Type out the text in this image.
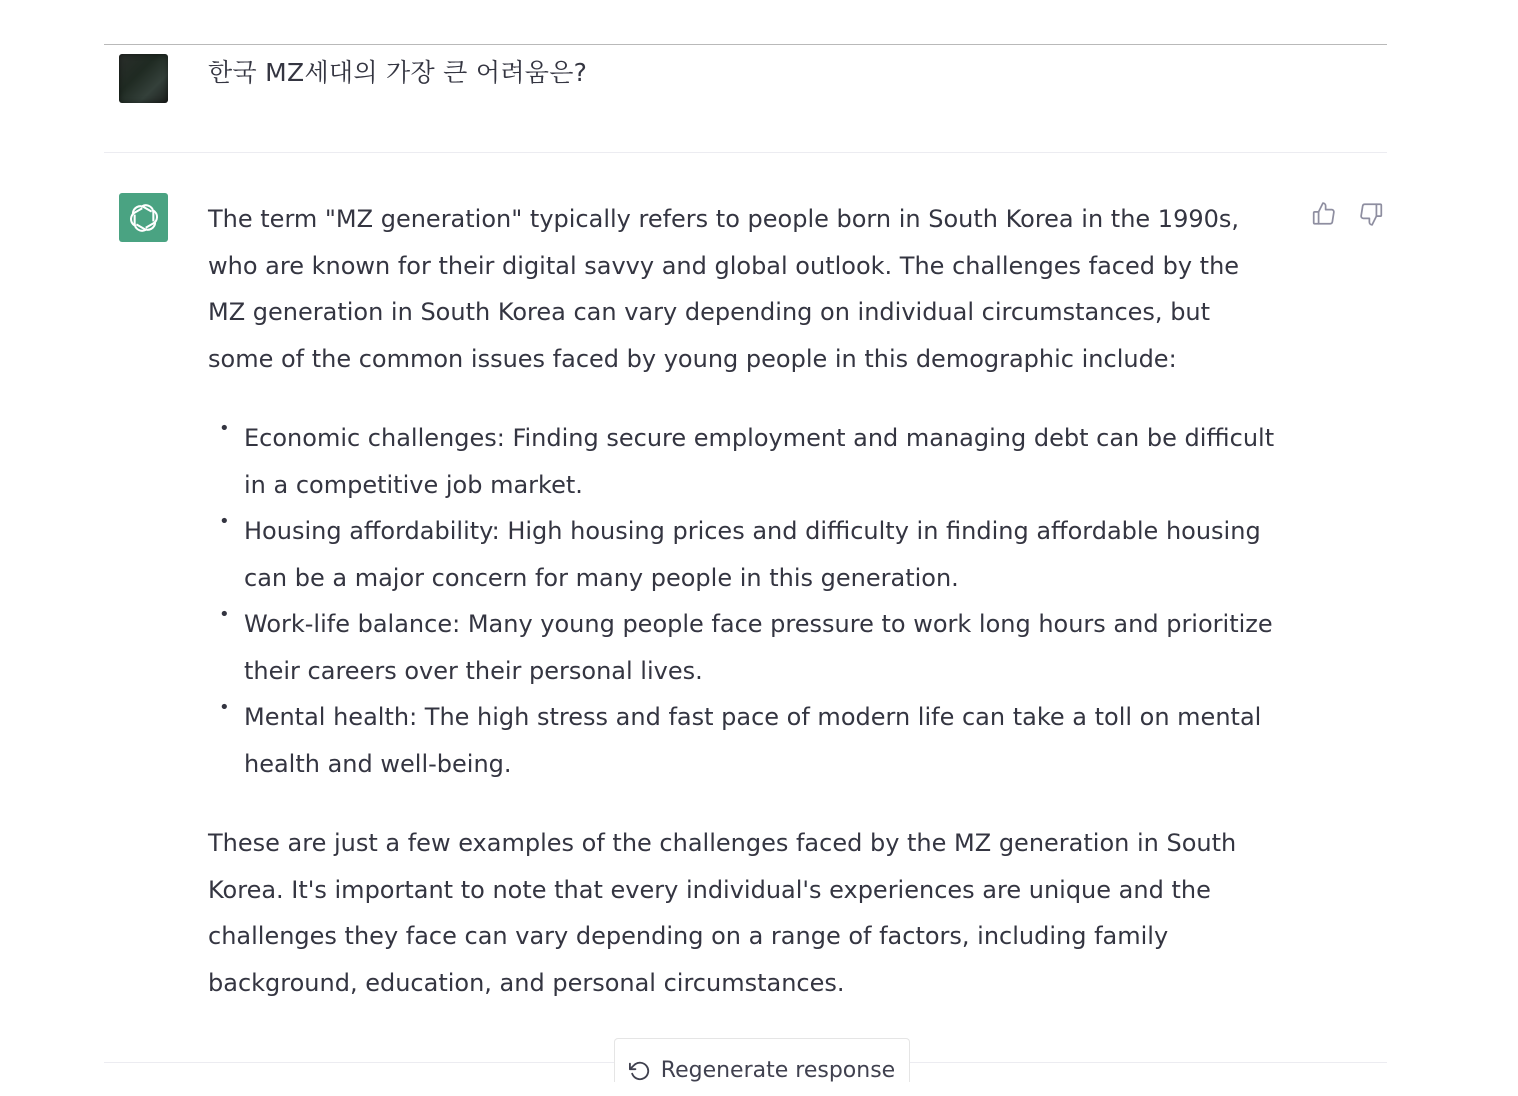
한국 MZ세대의 가장 큰 어려움은?

The term "MZ generation" typically refers to people born in South Korea in the 1990s, who are known for their digital savvy and global outlook. The challenges faced by the MZ generation in South Korea can vary depending on individual circumstances, but some of the common issues faced by young people in this demographic include:

• Economic challenges: Finding secure employment and managing debt can be difficult in a competitive job market.
• Housing affordability: High housing prices and difficulty in finding affordable housing can be a major concern for many people in this generation.
• Work-life balance: Many young people face pressure to work long hours and prioritize their careers over their personal lives.
• Mental health: The high stress and fast pace of modern life can take a toll on mental health and well-being.

These are just a few examples of the challenges faced by the MZ generation in South Korea. It's important to note that every individual's experiences are unique and the challenges they face can vary depending on a range of factors, including family background, education, and personal circumstances.

Regenerate response
